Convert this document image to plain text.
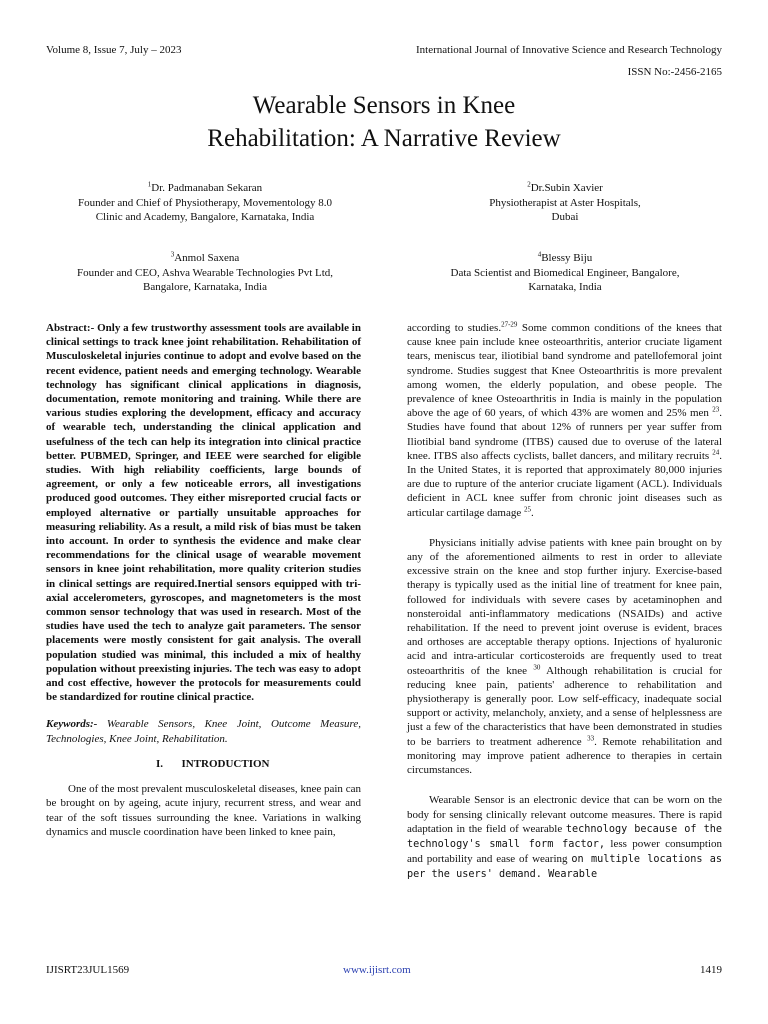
Volume 8, Issue 7, July – 2023	International Journal of Innovative Science and Research Technology
ISSN No:-2456-2165
Wearable Sensors in Knee
Rehabilitation: A Narrative Review
$^1$Dr. Padmanaban Sekaran
Founder and Chief of Physiotherapy, Movementology 8.0
Clinic and Academy, Bangalore, Karnataka, India
$^2$Dr.Subin Xavier
Physiotherapist at Aster Hospitals,
Dubai
$^3$Anmol Saxena
Founder and CEO, Ashva Wearable Technologies Pvt Ltd,
Bangalore, Karnataka, India
$^4$Blessy Biju
Data Scientist and Biomedical Engineer, Bangalore,
Karnataka, India

Abstract:- Only a few trustworthy assessment tools are available in clinical settings to track knee joint rehabilitation. Rehabilitation of Musculoskeletal injuries continue to adopt and evolve based on the recent evidence, patient needs and emerging technology. Wearable technology has significant clinical applications in diagnosis, documentation, remote monitoring and training. While there are various studies exploring the development, efficacy and accuracy of wearable tech, understanding the clinical application and usefulness of the tech can help its integration into clinical practice better. PUBMED, Springer, and IEEE were searched for eligible studies. With high reliability coefficients, large bounds of agreement, or only a few noticeable errors, all investigations produced good outcomes. They either misreported crucial facts or employed alternative or partially unsuitable approaches for measuring reliability. As a result, a mild risk of bias must be taken into account. In order to synthesis the evidence and make clear recommendations for the clinical usage of wearable movement sensors in knee joint rehabilitation, more quality criterion studies in clinical settings are required.Inertial sensors equipped with tri-axial accelerometers, gyroscopes, and magnetometers is the most common sensor technology that was used in research. Most of the studies have used the tech to analyze gait parameters. The sensor placements were mostly consistent for gait analysis. The overall population studied was minimal, this included a mix of healthy population without preexisting injuries. The tech was easy to adopt and cost effective, however the protocols for measurements could be standardized for routine clinical practice.

Keywords:- Wearable Sensors, Knee Joint, Outcome Measure, Technologies, Knee Joint, Rehabilitation.

I. INTRODUCTION

One of the most prevalent musculoskeletal diseases, knee pain can be brought on by ageing, acute injury, recurrent stress, and wear and tear of the soft tissues surrounding the knee. Variations in walking dynamics and muscle coordination have been linked to knee pain,

according to studies.$^{27-29}$ Some common conditions of the knees that cause knee pain include knee osteoarthritis, anterior cruciate ligament tears, meniscus tear, iliotibial band syndrome and patellofemoral joint syndrome. Studies suggest that Knee Osteoarthritis is more prevalent among women, the elderly population, and obese people. The prevalence of knee Osteoarthritis in India is mainly in the population above the age of 60 years, of which 43% are women and 25% men $^{23}$. Studies have found that about 12% of runners per year suffer from Iliotibial band syndrome (ITBS) caused due to overuse of the lateral knee. ITBS also affects cyclists, ballet dancers, and military recruits $^{24}$. In the United States, it is reported that approximately 80,000 injuries are due to rupture of the anterior cruciate ligament (ACL). Individuals deficient in ACL knee suffer from chronic joint diseases such as articular cartilage damage $^{25}$.

Physicians initially advise patients with knee pain brought on by any of the aforementioned ailments to rest in order to alleviate excessive strain on the knee and stop further injury. Exercise-based therapy is typically used as the initial line of treatment for knee pain, followed for individuals with severe cases by acetaminophen and nonsteroidal anti-inflammatory medications (NSAIDs) and active rehabilitation. If the need to prevent joint overuse is evident, braces and orthoses are acceptable therapy options. Injections of hyaluronic acid and intra-articular corticosteroids are frequently used to treat osteoarthritis of the knee $^{30}$ Although rehabilitation is crucial for reducing knee pain, patients' adherence to rehabilitation and physiotherapy is generally poor. Low self-efficacy, inadequate social support or activity, melancholy, anxiety, and a sense of helplessness are just a few of the characteristics that have been demonstrated in studies to be barriers to treatment adherence $^{33}$. Remote rehabilitation and monitoring may improve patient adherence to therapies in certain circumstances.

Wearable Sensor is an electronic device that can be worn on the body for sensing clinically relevant outcome measures. There is rapid adaptation in the field of wearable technology because of the technology's small form factor, less power consumption and portability and ease of wearing on multiple locations as per the users' demand. Wearable

IJISRT23JUL1569	www.ijisrt.com	1419
